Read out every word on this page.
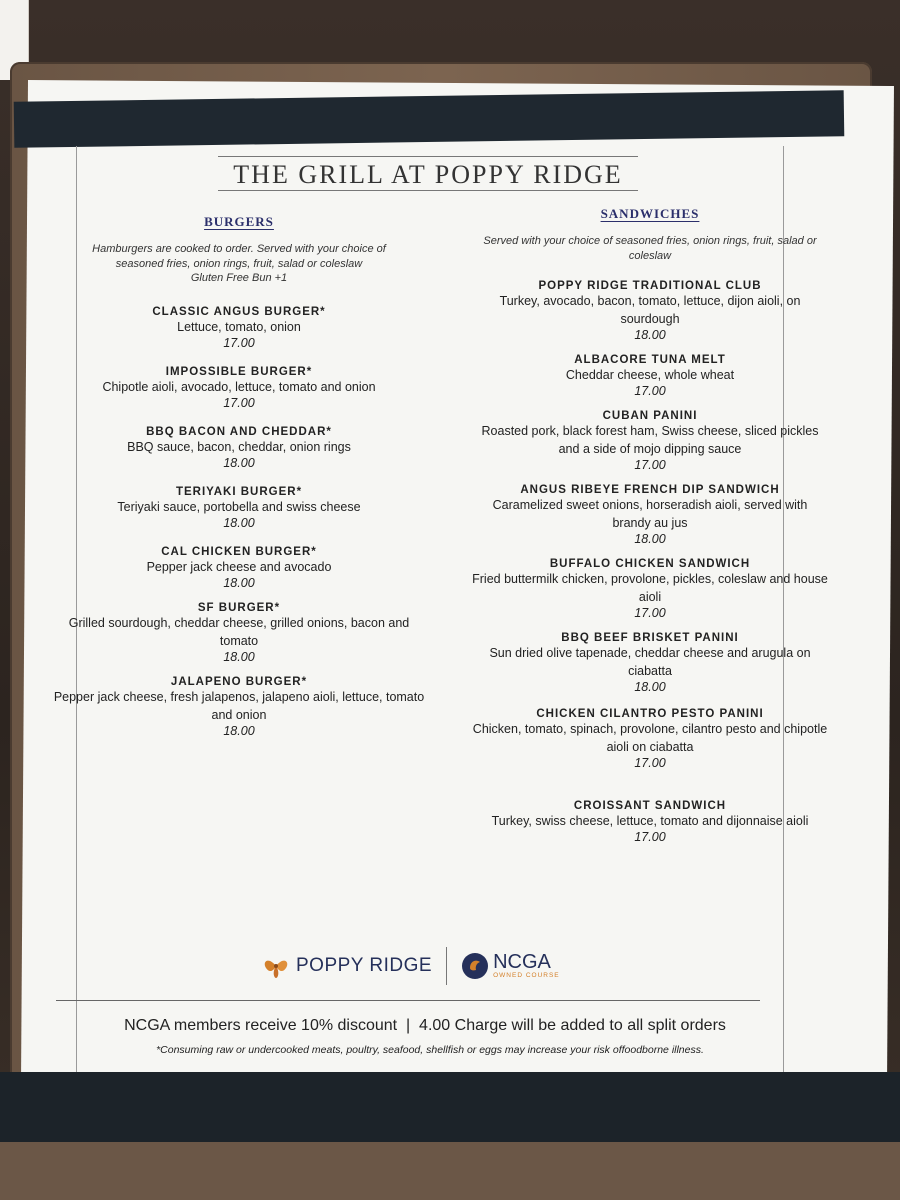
THE GRILL AT POPPY RIDGE

BURGERS

Hamburgers are cooked to order. Served with your choice of seasoned fries, onion rings, fruit, salad or coleslaw
Gluten Free Bun +1
CLASSIC ANGUS BURGER*
Lettuce, tomato, onion
17.00
IMPOSSIBLE BURGER*
Chipotle aioli, avocado, lettuce, tomato and onion
17.00
BBQ BACON AND CHEDDAR*
BBQ sauce, bacon, cheddar, onion rings
18.00
TERIYAKI BURGER*
Teriyaki sauce, portobella and swiss cheese
18.00
CAL CHICKEN BURGER*
Pepper jack cheese and avocado
18.00
SF BURGER*
Grilled sourdough, cheddar cheese, grilled onions, bacon and tomato
18.00
JALAPENO BURGER*
Pepper jack cheese, fresh jalapenos, jalapeno aioli, lettuce, tomato and onion
18.00

SANDWICHES

Served with your choice of seasoned fries, onion rings, fruit, salad or coleslaw
POPPY RIDGE TRADITIONAL CLUB
Turkey, avocado, bacon, tomato, lettuce, dijon aioli, on sourdough
18.00
ALBACORE TUNA MELT
Cheddar cheese, whole wheat
17.00
CUBAN PANINI
Roasted pork, black forest ham, Swiss cheese, sliced pickles and a side of mojo dipping sauce
17.00
ANGUS RIBEYE FRENCH DIP SANDWICH
Caramelized sweet onions, horseradish aioli, served with brandy au jus
18.00
BUFFALO CHICKEN SANDWICH
Fried buttermilk chicken, provolone, pickles, coleslaw and house aioli
17.00
BBQ BEEF BRISKET PANINI
Sun dried olive tapenade, cheddar cheese and arugula on ciabatta
18.00
CHICKEN CILANTRO PESTO PANINI
Chicken, tomato, spinach, provolone, cilantro pesto and chipotle aioli on ciabatta
17.00
CROISSANT SANDWICH
Turkey, swiss cheese, lettuce, tomato and dijonnaise aioli
17.00
POPPY RIDGE	NCGA
OWNED COURSE
NCGA members receive 10% discount  |  4.00 Charge will be added to all split orders
*Consuming raw or undercooked meats, poultry, seafood, shellfish or eggs may increase your risk offoodborne illness.
